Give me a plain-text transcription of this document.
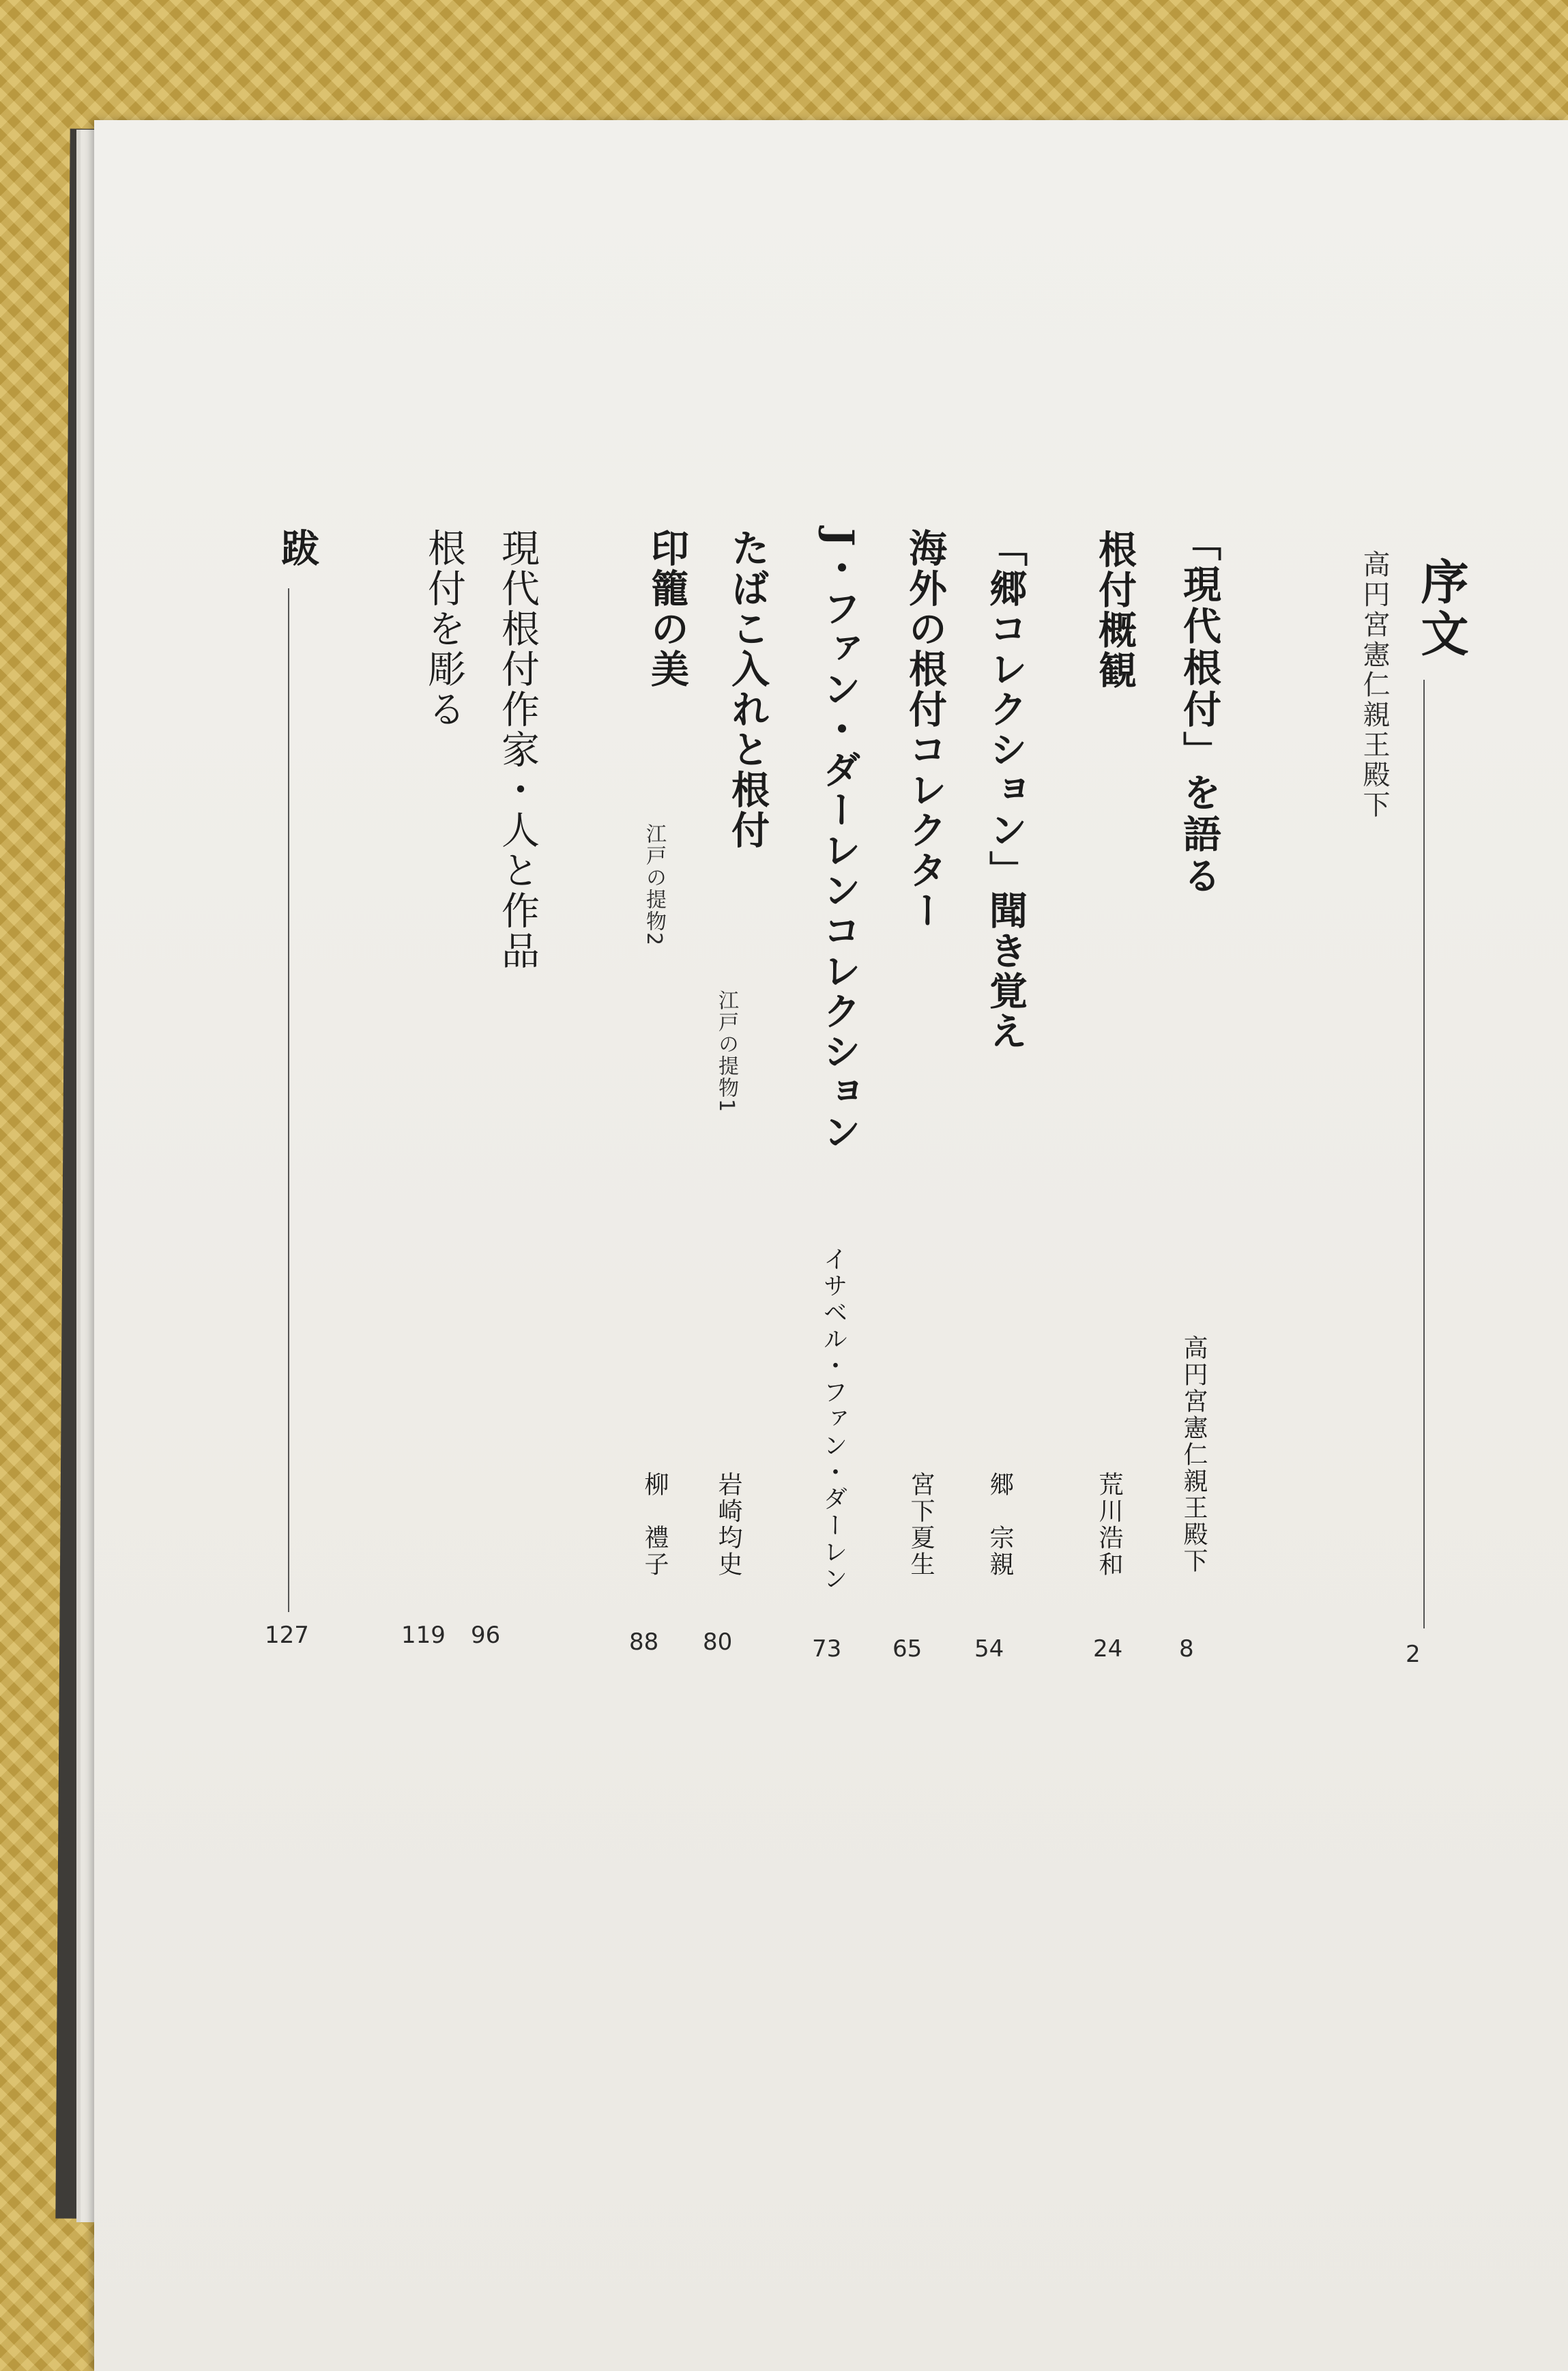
序文
高円宮憲仁親王殿下
2
「現代根付」を語る
高円宮憲仁親王殿下
8
根付概観
荒川浩和
24
「郷コレクション」聞き覚え
郷　宗親
54
海外の根付コレクター
宮下夏生
65
J・ファン・ダーレンコレクション
イサベル・ファン・ダーレン
73
たばこ入れと根付
江戸の提物1
岩崎均史
80
印籠の美
江戸の提物2
柳　禮子
88
現代根付作家・人と作品
96
根付を彫る
119
跋
127
